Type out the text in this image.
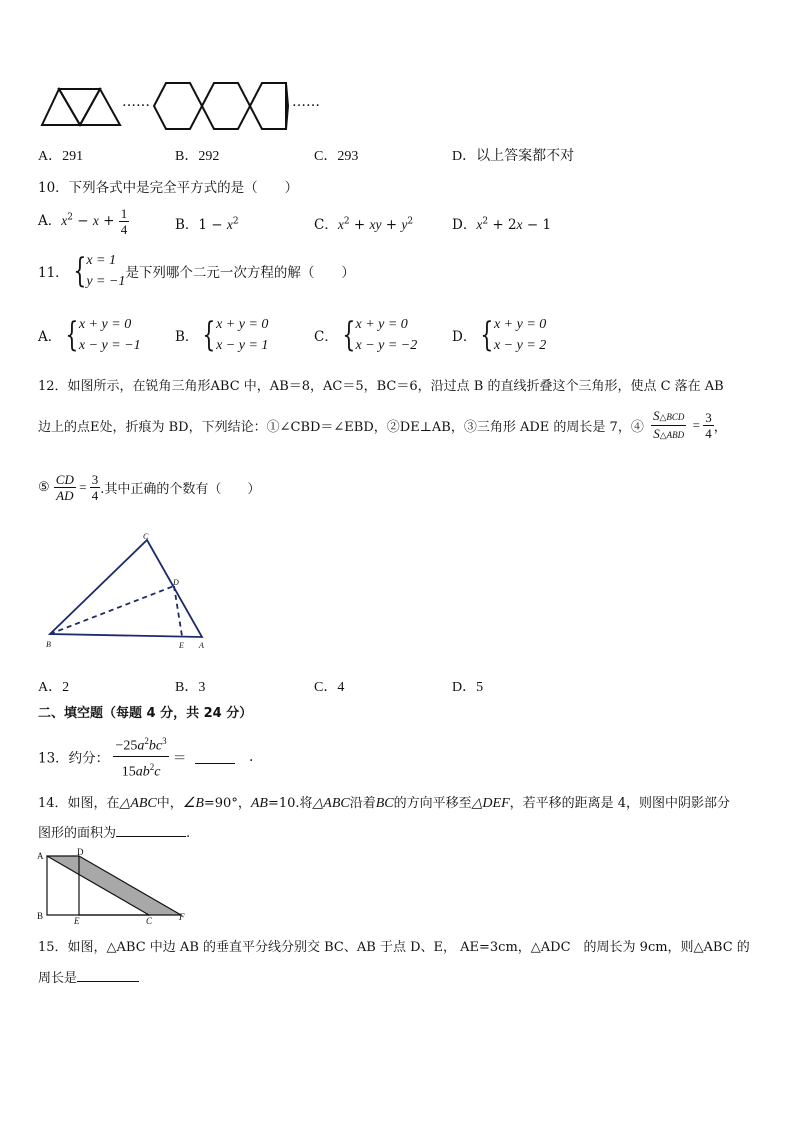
……	……
A．291	B．292	C．293	D．以上答案都不对
10．下列各式中是完全平方式的是（　　）
A．$x^2 - x + \frac{1}{4}$	B．$1 - x^2$	C．$x^2$ + xy + $y^2$	D．$x^2 + 2x - 1$
11． { x = 1
y = −1
是下列哪个二元一次方程的解（　　）
A． { x + y = 0
x − y = −1
B． { x + y = 0
x − y = 1
C． { x + y = 0
x − y = −2
D． { x + y = 0
x − y = 2
12．如图所示，在锐角三角形ABC 中，AB＝8，AC＝5，BC＝6，沿过点 B 的直线折叠这个三角形，使点 C 落在 AB
边上的点E处，折痕为 BD，下列结论：①∠CBD＝∠EBD，②DE⊥AB，③三角形 ADE 的周长是 7，④ $\frac{\text{S△BCD}}{\text{S△ABD}} = \frac{3}{4}$ ，
⑤ $\frac{CD}{AD} = \frac{3}{4}$ .其中正确的个数有（　　）
C
D
B	E A
A．2	B．3	C．4	D．5
二、填空题（每题 4 分，共 24 分）
13．约分： $\frac{-25a^2bc^3}{15ab^2c}$ ＝	.
14．如图，在△ABC中，∠B=90°，AB=10.将△ABC沿着BC的方向平移至△DEF，若平移的距离是 4，则图中阴影部分
图形的面积为	.
A	D
B	E	C	F
15．如图，△ABC 中边 AB 的垂直平分线分别交 BC、AB 于点 D、E， AE=3cm，△ADC　的周长为 9cm，则△ABC 的
周长是
